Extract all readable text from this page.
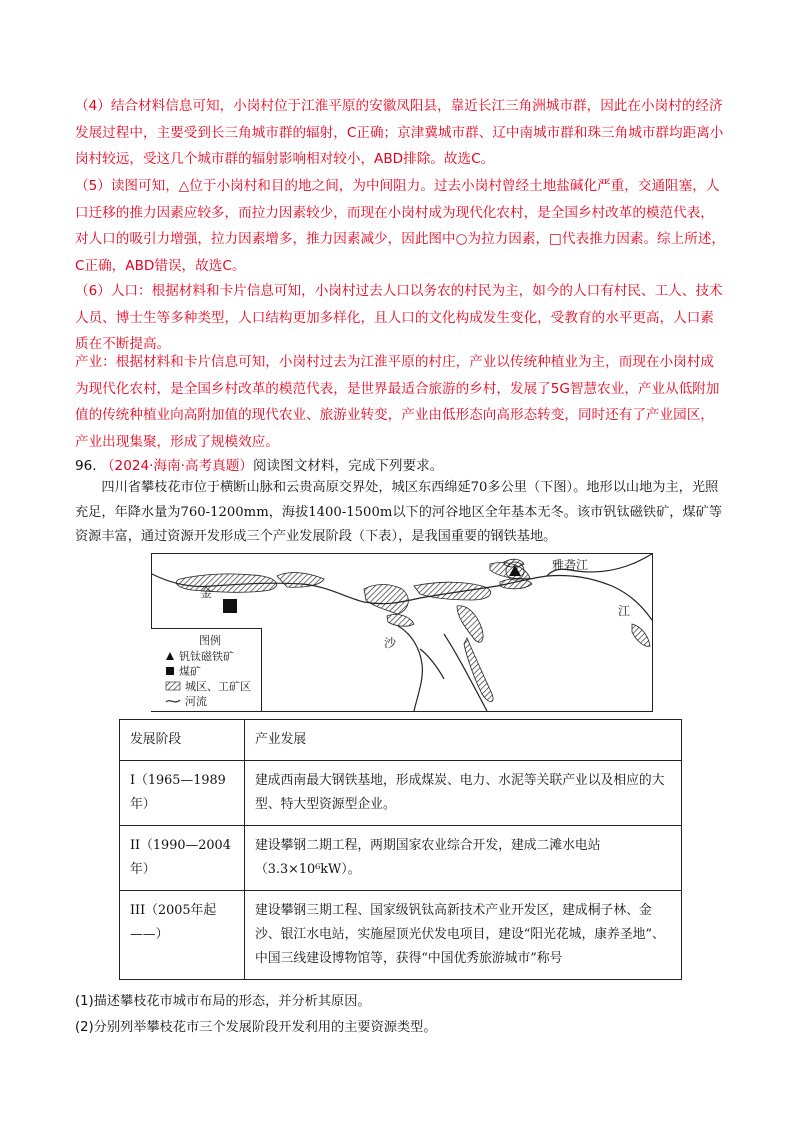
（4）结合材料信息可知，小岗村位于江淮平原的安徽凤阳县，靠近长江三角洲城市群，因此在小岗村的经济发展过程中，主要受到长三角城市群的辐射，C正确；京津冀城市群、辽中南城市群和珠三角城市群均距离小岗村较远，受这几个城市群的辐射影响相对较小，ABD排除。故选C。
（5）读图可知，△位于小岗村和目的地之间，为中间阻力。过去小岗村曾经土地盐碱化严重，交通阻塞，人口迁移的推力因素应较多，而拉力因素较少，而现在小岗村成为现代化农村，是全国乡村改革的模范代表，对人口的吸引力增强，拉力因素增多，推力因素减少，因此图中○为拉力因素，□代表推力因素。综上所述，C正确，ABD错误，故选C。
（6）人口：根据材料和卡片信息可知，小岗村过去人口以务农的村民为主，如今的人口有村民、工人、技术人员、博士生等多种类型，人口结构更加多样化，且人口的文化构成发生变化，受教育的水平更高，人口素质在不断提高。
产业：根据材料和卡片信息可知，小岗村过去为江淮平原的村庄，产业以传统种植业为主，而现在小岗村成为现代化农村，是全国乡村改革的模范代表，是世界最适合旅游的乡村，发展了5G智慧农业，产业从低附加值的传统种植业向高附加值的现代农业、旅游业转变，产业由低形态向高形态转变，同时还有了产业园区，产业出现集聚，形成了规模效应。
96. （2024·海南·高考真题）阅读图文材料，完成下列要求。
四川省攀枝花市位于横断山脉和云贵高原交界处，城区东西绵延70多公里（下图）。地形以山地为主，光照充足，年降水量为760-1200mm，海拔1400-1500m以下的河谷地区全年基本无冬。该市钒钛磁铁矿，煤矿等资源丰富，通过资源开发形成三个产业发展阶段（下表），是我国重要的钢铁基地。
雅砻江
金
沙
江
图例
钒钛磁铁矿
煤矿
城区、工矿区
河流
发展阶段	产业发展
I（1965—1989年）	建成西南最大钢铁基地，形成煤炭、电力、水泥等关联产业以及相应的大型、特大型资源型企业。
II（1990—2004年）	建设攀钢二期工程，两期国家农业综合开发，建成二滩水电站（3.3×10⁶kW）。
III（2005年起——）	建设攀钢三期工程、国家级钒钛高新技术产业开发区，建成桐子林、金沙、银江水电站，实施屋顶光伏发电项目，建设“阳光花城，康养圣地”、中国三线建设博物馆等，获得“中国优秀旅游城市”称号
(1)描述攀枝花市城市布局的形态，并分析其原因。
(2)分别列举攀枝花市三个发展阶段开发利用的主要资源类型。
